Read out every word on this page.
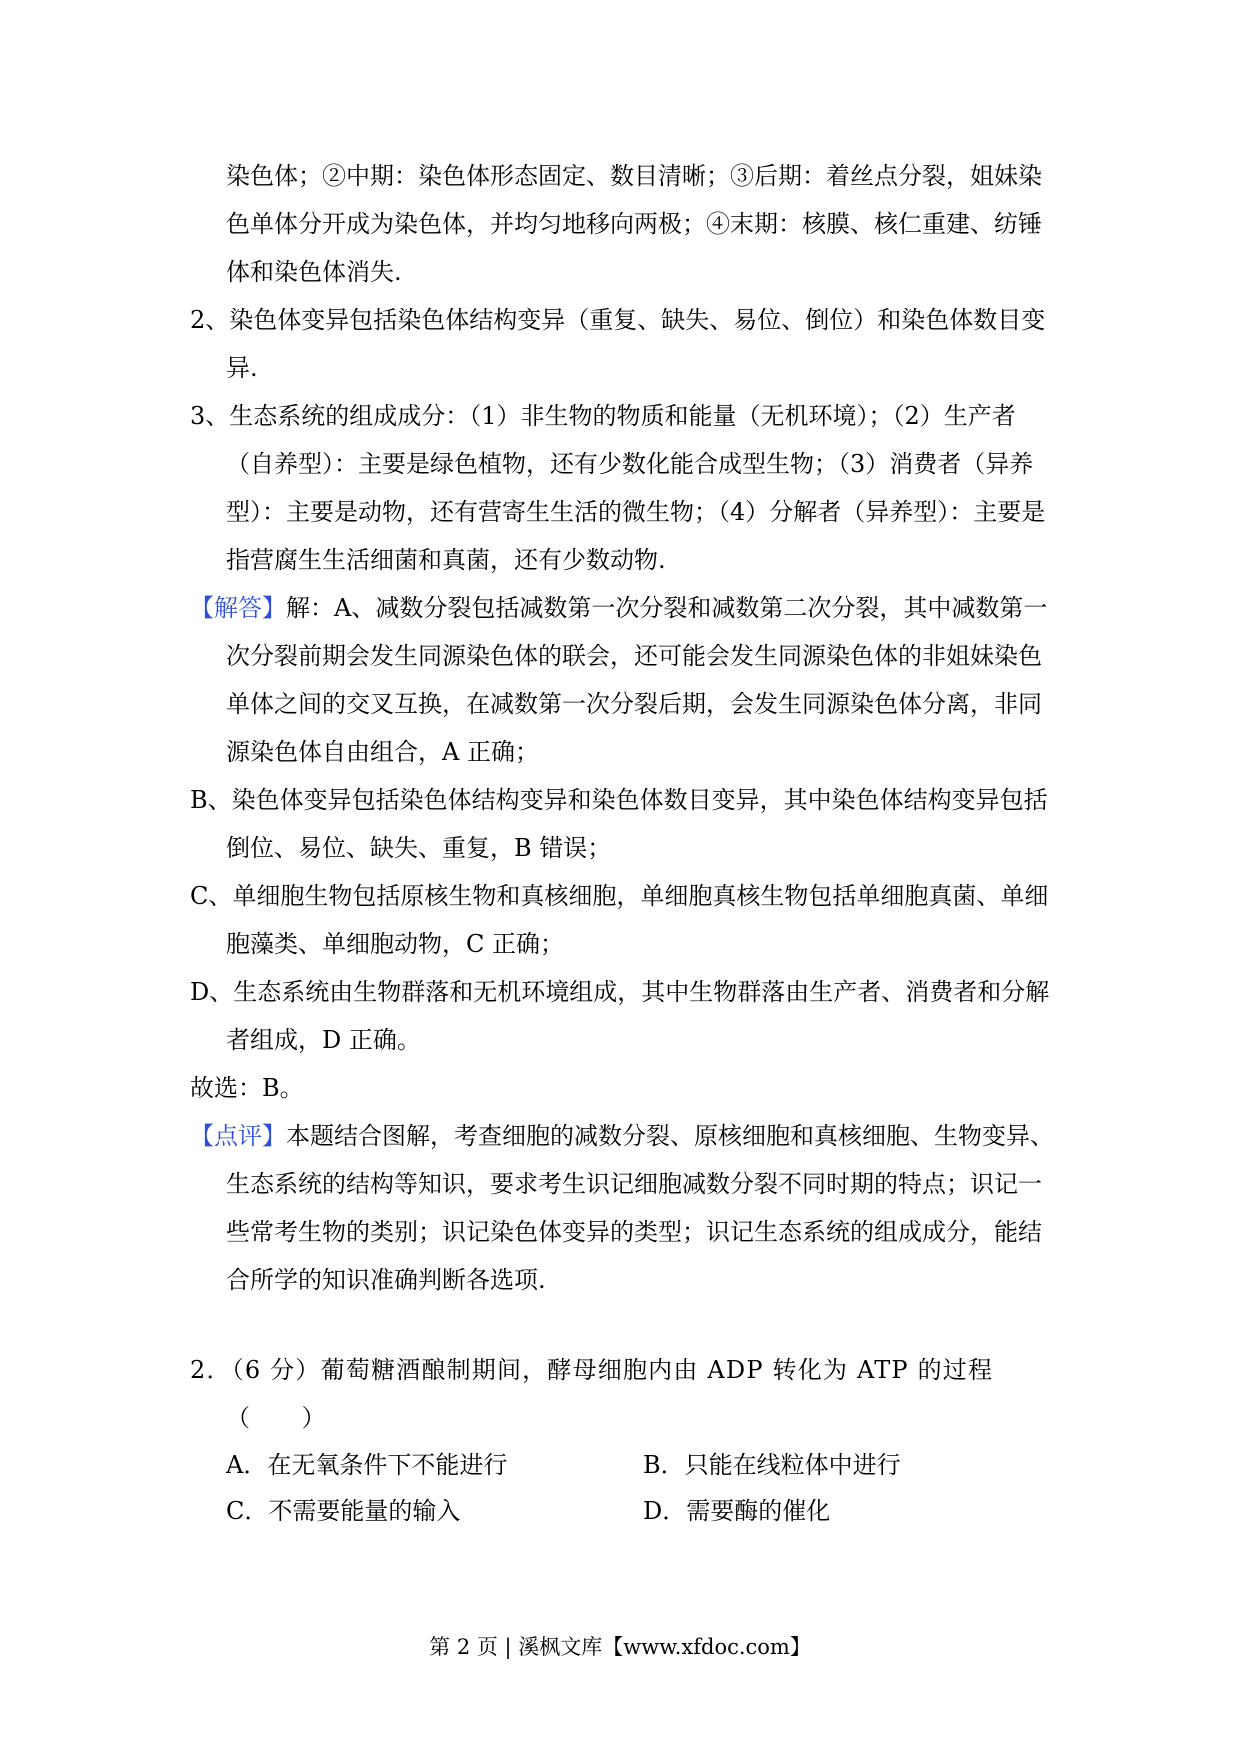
染色体；②中期：染色体形态固定、数目清晰；③后期：着丝点分裂，姐妹染色单体分开成为染色体，并均匀地移向两极；④末期：核膜、核仁重建、纺锤体和染色体消失.

2、染色体变异包括染色体结构变异（重复、缺失、易位、倒位）和染色体数目变异.

3、生态系统的组成成分：（1）非生物的物质和能量（无机环境）；（2）生产者（自养型）：主要是绿色植物，还有少数化能合成型生物；（3）消费者（异养型）：主要是动物，还有营寄生生活的微生物；（4）分解者（异养型）：主要是指营腐生生活细菌和真菌，还有少数动物.

【解答】解：A、减数分裂包括减数第一次分裂和减数第二次分裂，其中减数第一次分裂前期会发生同源染色体的联会，还可能会发生同源染色体的非姐妹染色单体之间的交叉互换，在减数第一次分裂后期，会发生同源染色体分离，非同源染色体自由组合，A 正确；

B、染色体变异包括染色体结构变异和染色体数目变异，其中染色体结构变异包括倒位、易位、缺失、重复，B 错误；

C、单细胞生物包括原核生物和真核细胞，单细胞真核生物包括单细胞真菌、单细胞藻类、单细胞动物，C 正确；

D、生态系统由生物群落和无机环境组成，其中生物群落由生产者、消费者和分解者组成，D 正确。

故选：B。

【点评】本题结合图解，考查细胞的减数分裂、原核细胞和真核细胞、生物变异、生态系统的结构等知识，要求考生识记细胞减数分裂不同时期的特点；识记一些常考生物的类别；识记染色体变异的类型；识记生态系统的组成成分，能结合所学的知识准确判断各选项.

2．（6 分）葡萄糖酒酿制期间，酵母细胞内由 ADP 转化为 ATP 的过程（　　）

A．在无氧条件下不能进行	B．只能在线粒体中进行
C．不需要能量的输入	D．需要酶的催化
第 2 页 | 溪枫文库【www.xfdoc.com】
